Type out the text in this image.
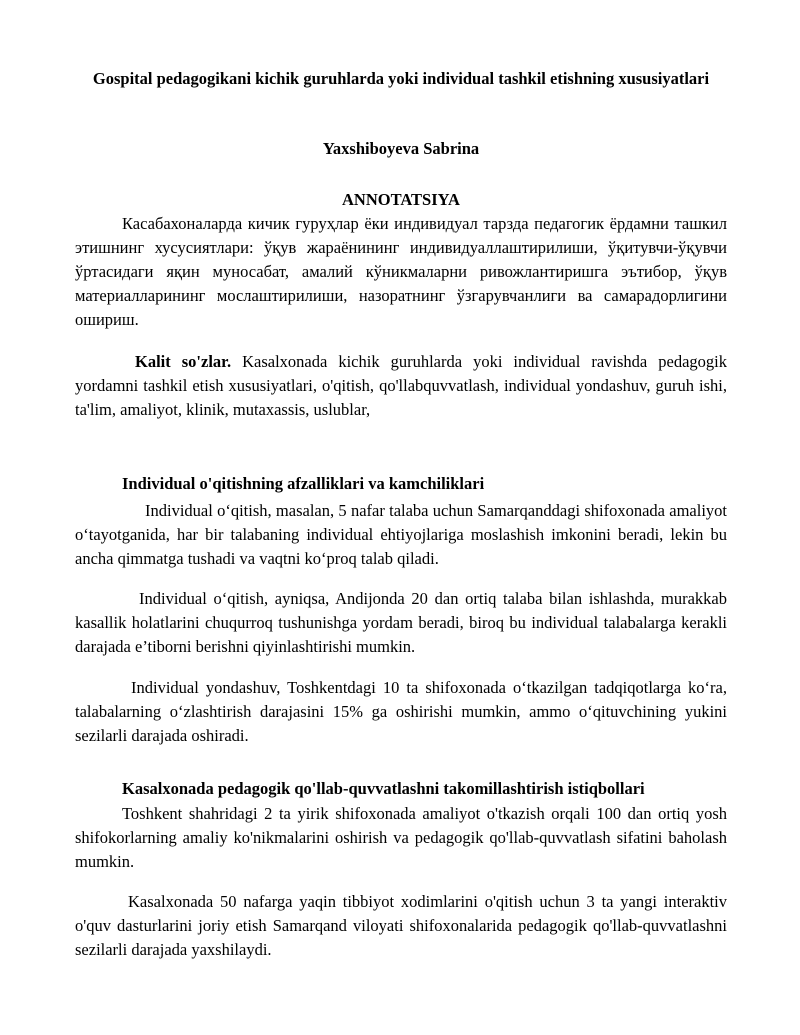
Gospital pedagogikani kichik guruhlarda yoki individual tashkil etishning xususiyatlari
Yaxshiboyeva Sabrina
ANNOTATSIYA

Касабахоналарда кичик гуруҳлар ёки индивидуал тарзда педагогик ёрдамни ташкил этишнинг хусусиятлари: ўқув жараёнининг индивидуаллаштирилиши, ўқитувчи-ўқувчи ўртасидаги яқин муносабат, амалий кўникмаларни ривожлантиришга эътибор, ўқув материалларининг мослаштирилиши, назоратнинг ўзгарувчанлиги ва самарадорлигини ошириш.

Kalit so'zlar. Kasalxonada kichik guruhlarda yoki individual ravishda pedagogik yordamni tashkil etish xususiyatlari, o'qitish, qo'llabquvvatlash, individual yondashuv, guruh ishi, ta'lim, amaliyot, klinik, mutaxassis, uslublar,

Individual o'qitishning afzalliklari va kamchiliklari

Individual o‘qitish, masalan, 5 nafar talaba uchun Samarqanddagi shifoxonada amaliyot o‘tayotganida, har bir talabaning individual ehtiyojlariga moslashish imkonini beradi, lekin bu ancha qimmatga tushadi va vaqtni ko‘proq talab qiladi.

Individual o‘qitish, ayniqsa, Andijonda 20 dan ortiq talaba bilan ishlashda, murakkab kasallik holatlarini chuqurroq tushunishga yordam beradi, biroq bu individual talabalarga kerakli darajada e’tiborni berishni qiyinlashtirishi mumkin.

Individual yondashuv, Toshkentdagi 10 ta shifoxonada o‘tkazilgan tadqiqotlarga ko‘ra, talabalarning o‘zlashtirish darajasini 15% ga oshirishi mumkin, ammo o‘qituvchining yukini sezilarli darajada oshiradi.

Kasalxonada pedagogik qo'llab-quvvatlashni takomillashtirish istiqbollari

Toshkent shahridagi 2 ta yirik shifoxonada amaliyot o'tkazish orqali 100 dan ortiq yosh shifokorlarning amaliy ko'nikmalarini oshirish va pedagogik qo'llab-quvvatlash sifatini baholash mumkin.

Kasalxonada 50 nafarga yaqin tibbiyot xodimlarini o'qitish uchun 3 ta yangi interaktiv o'quv dasturlarini joriy etish Samarqand viloyati shifoxonalarida pedagogik qo'llab-quvvatlashni sezilarli darajada yaxshilaydi.
